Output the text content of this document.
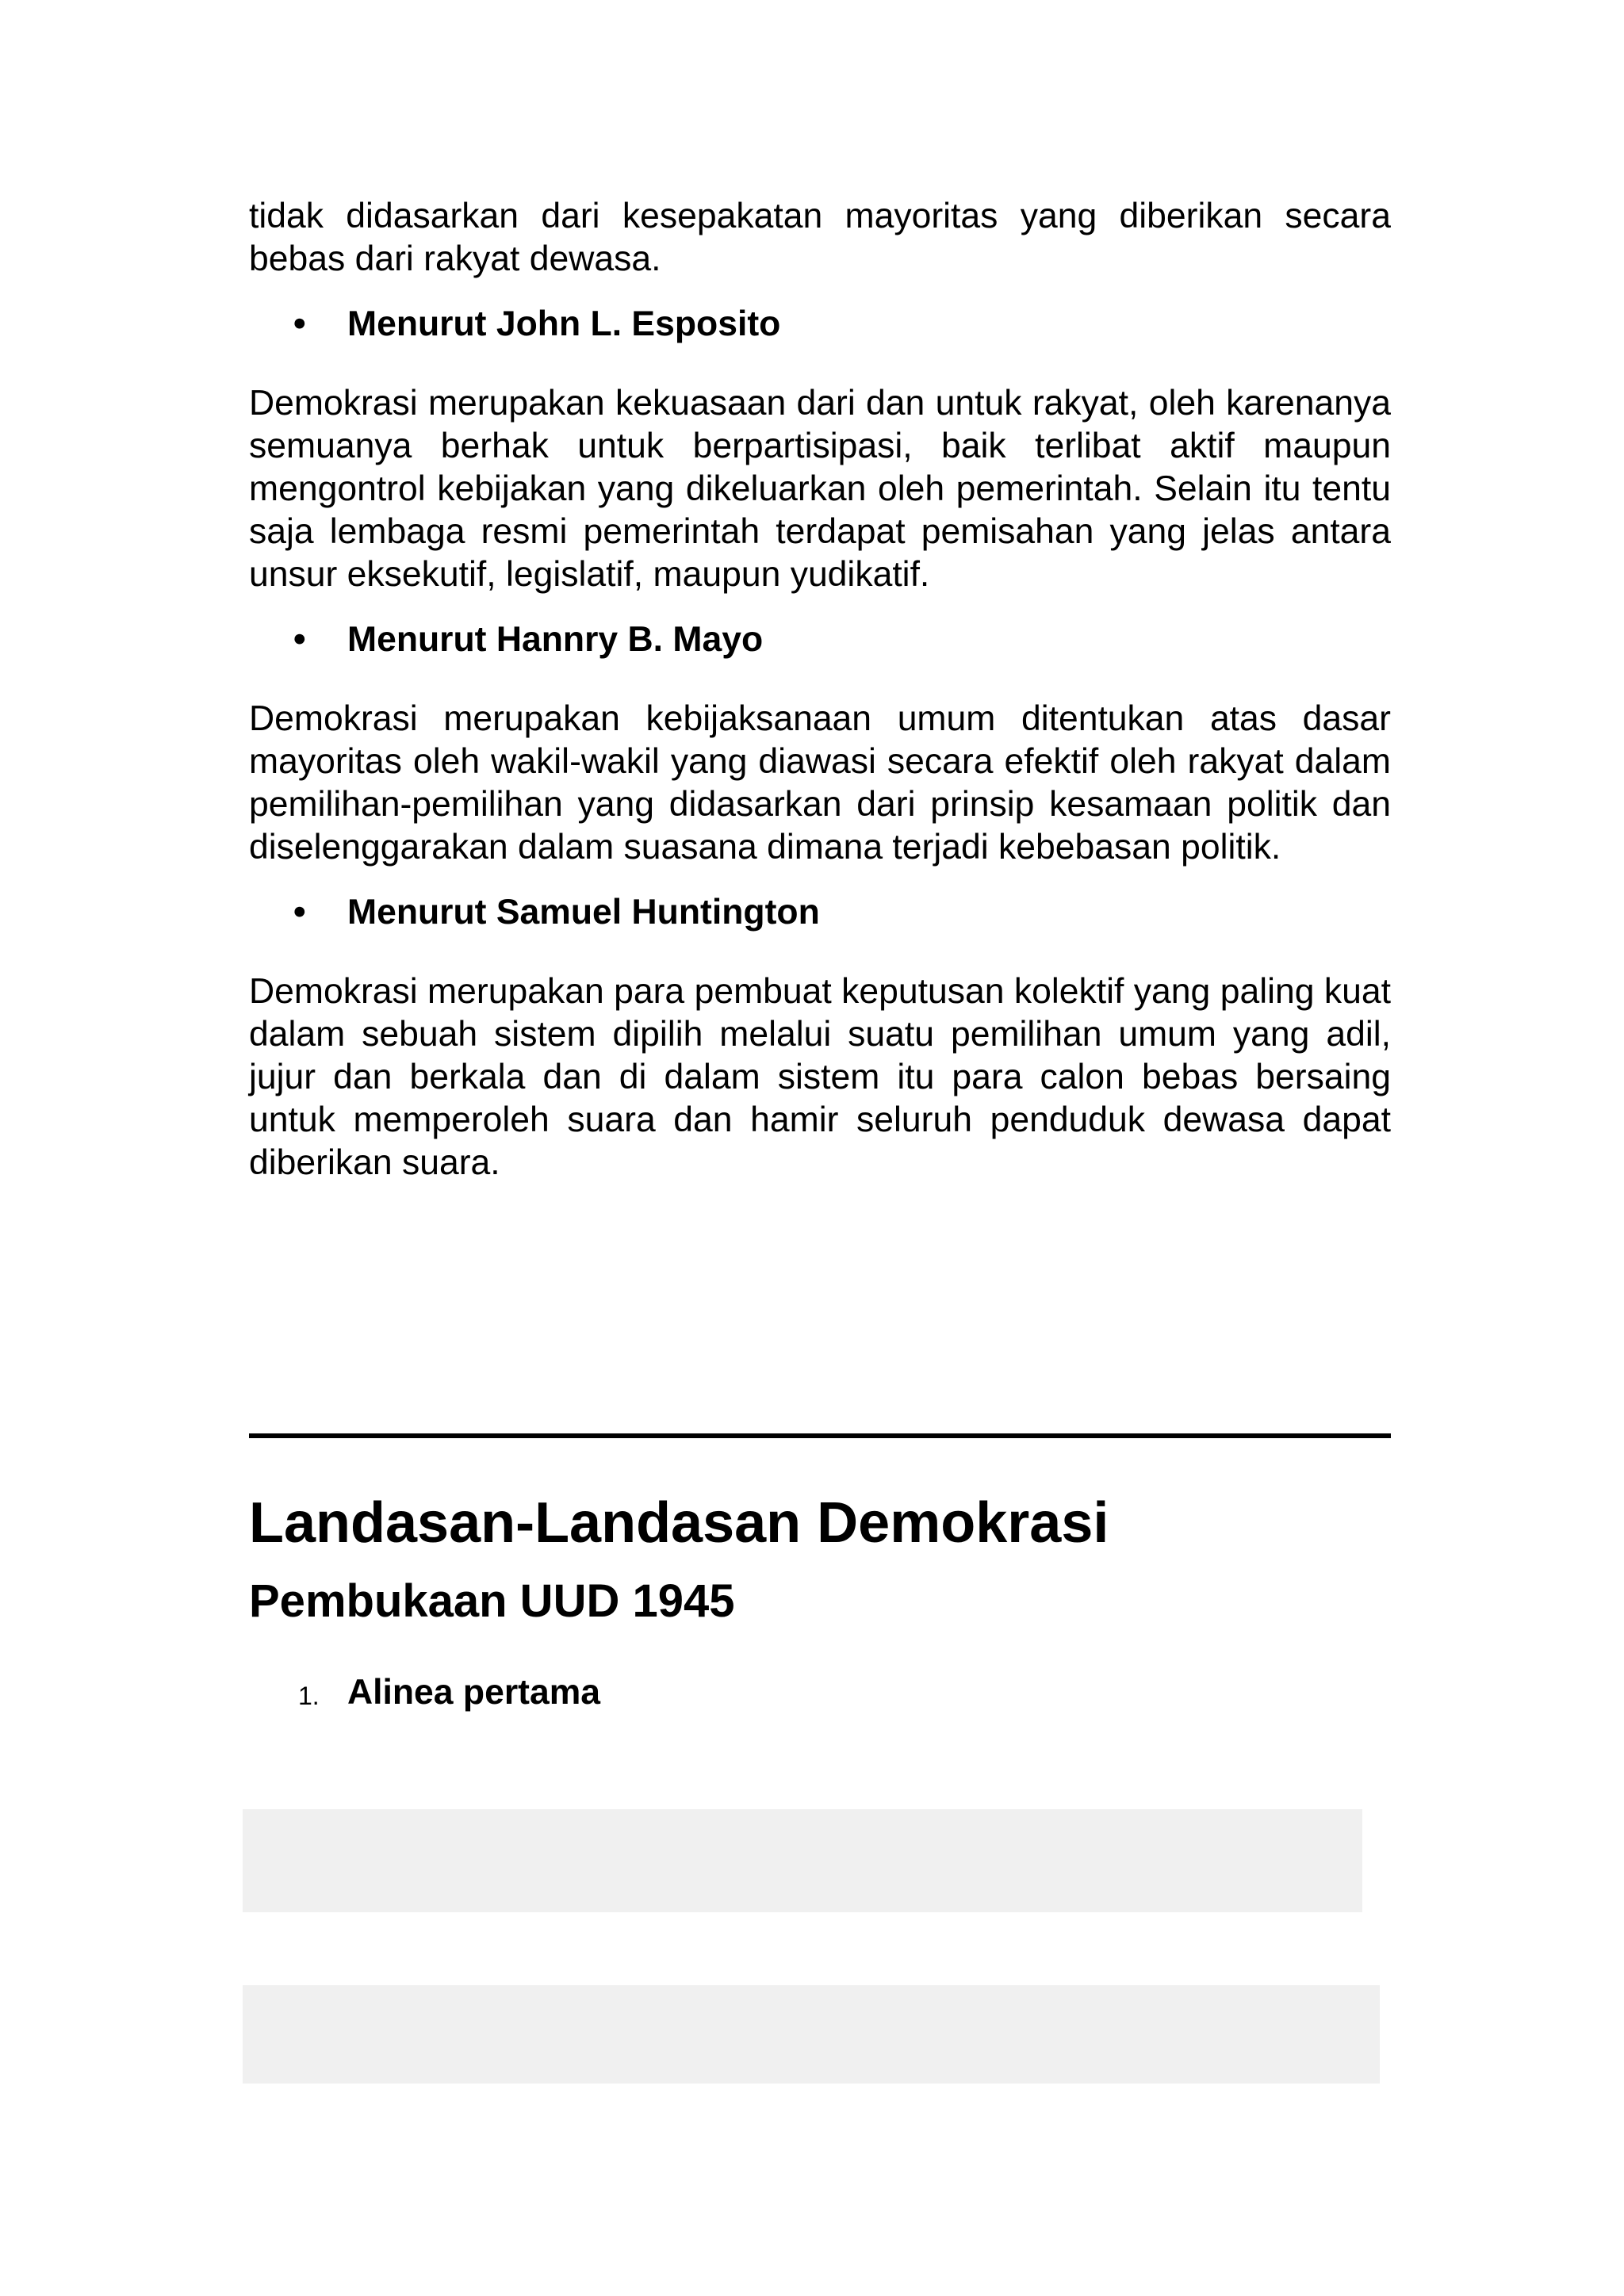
tidak didasarkan dari kesepakatan mayoritas yang diberikan secara bebas dari rakyat dewasa.

• Menurut John L. Esposito

Demokrasi merupakan kekuasaan dari dan untuk rakyat, oleh karenanya semuanya berhak untuk berpartisipasi, baik terlibat aktif maupun mengontrol kebijakan yang dikeluarkan oleh pemerintah. Selain itu tentu saja lembaga resmi pemerintah terdapat pemisahan yang jelas antara unsur eksekutif, legislatif, maupun yudikatif.

• Menurut Hannry B. Mayo

Demokrasi merupakan kebijaksanaan umum ditentukan atas dasar mayoritas oleh wakil-wakil yang diawasi secara efektif oleh rakyat dalam pemilihan-pemilihan yang didasarkan dari prinsip kesamaan politik dan diselenggarakan dalam suasana dimana terjadi kebebasan politik.

• Menurut Samuel Huntington

Demokrasi merupakan para pembuat keputusan kolektif yang paling kuat dalam sebuah sistem dipilih melalui suatu pemilihan umum yang adil, jujur dan berkala dan di dalam sistem itu para calon bebas bersaing untuk memperoleh suara dan hamir seluruh penduduk dewasa dapat diberikan suara.

Landasan-Landasan Demokrasi
Pembukaan UUD 1945

1. Alinea pertama
